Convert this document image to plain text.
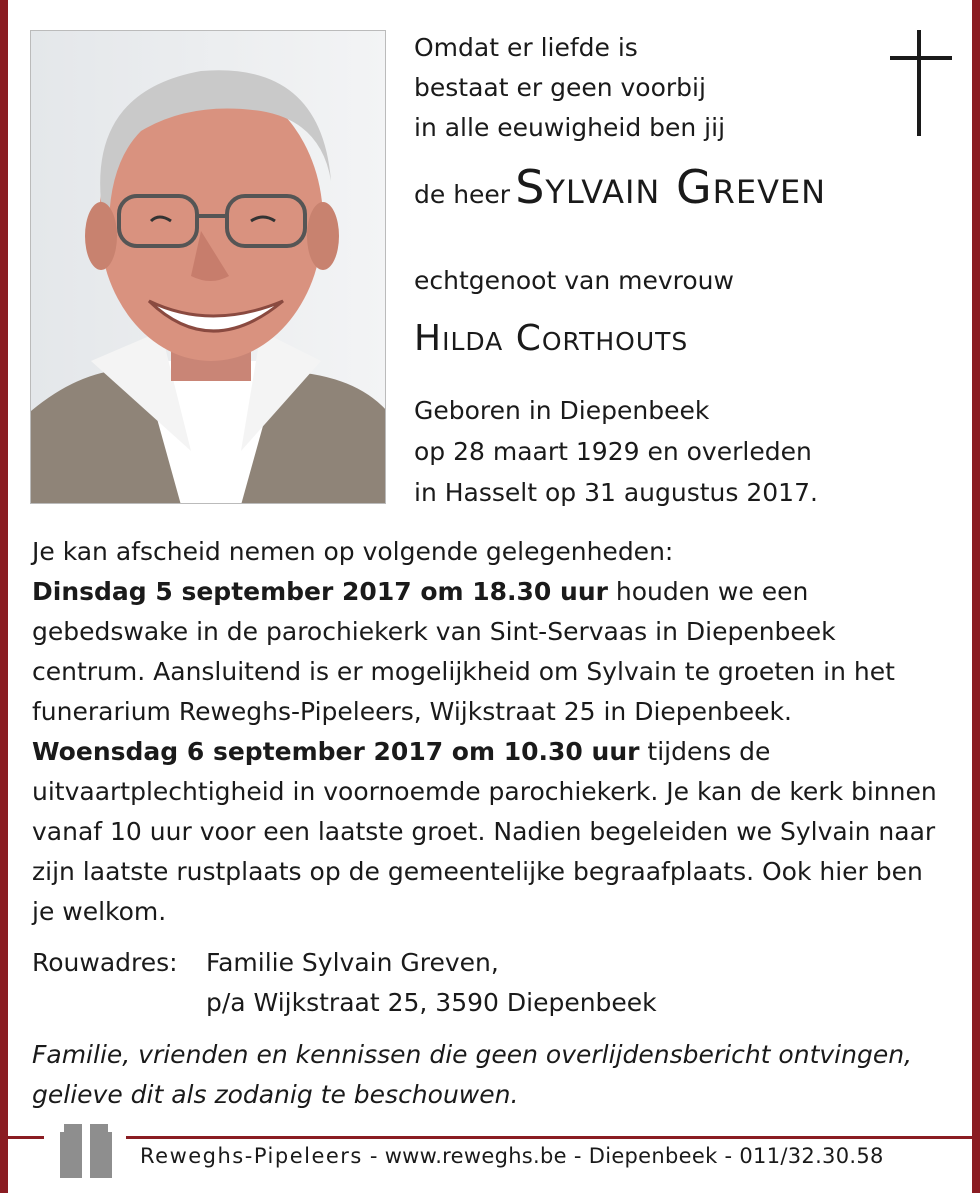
Omdat er liefde is
bestaat er geen voorbij
in alle eeuwigheid ben jij
de heer Sylvain Greven
echtgenoot van mevrouw
Hilda Corthouts
Geboren in Diepenbeek
op 28 maart 1929 en overleden
in Hasselt op 31 augustus 2017.
Je kan afscheid nemen op volgende gelegenheden:
Dinsdag 5 september 2017 om 18.30 uur houden we een gebedswake in de parochiekerk van Sint-Servaas in Diepenbeek centrum. Aansluitend is er mogelijkheid om Sylvain te groeten in het funerarium Reweghs-Pipeleers, Wijkstraat 25 in Diepenbeek.
Woensdag 6 september 2017 om 10.30 uur tijdens de uitvaartplechtigheid in voornoemde parochiekerk. Je kan de kerk binnen vanaf 10 uur voor een laatste groet. Nadien begeleiden we Sylvain naar zijn laatste rustplaats op de gemeentelijke begraafplaats. Ook hier ben je welkom.
Rouwadres: Familie Sylvain Greven,
p/a Wijkstraat 25, 3590 Diepenbeek
Familie, vrienden en kennissen die geen overlijdensbericht ontvingen, gelieve dit als zodanig te beschouwen.
Reweghs-Pipeleers - www.reweghs.be - Diepenbeek - 011/32.30.58
